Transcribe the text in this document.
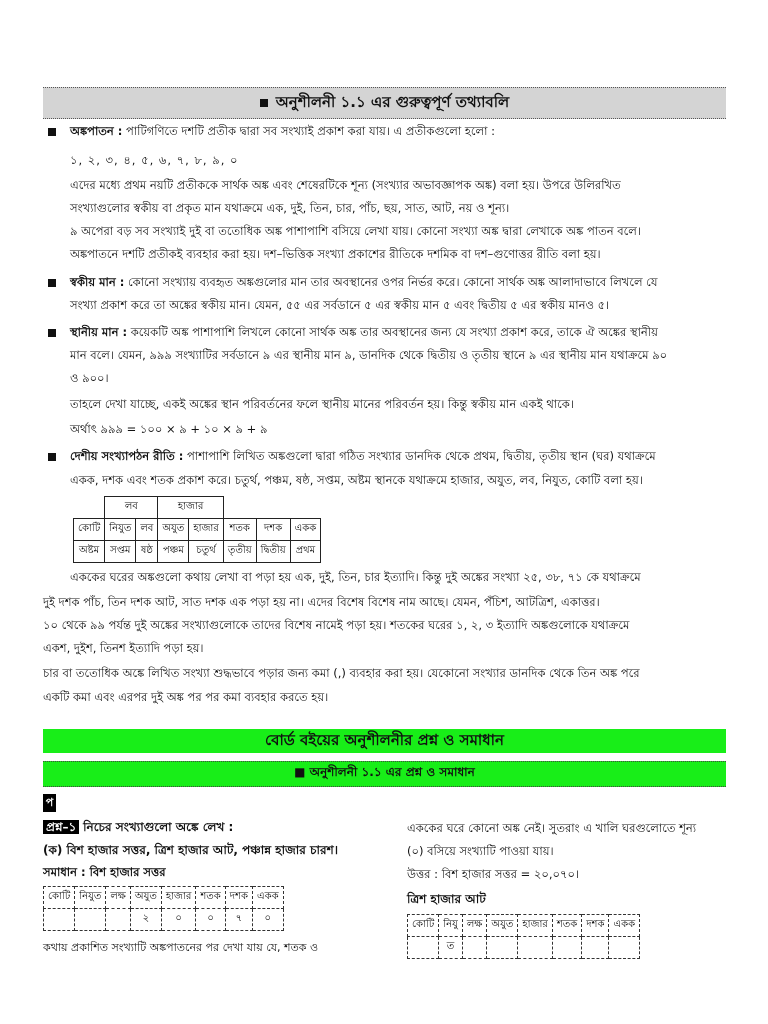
অনুশীলনী ১.১ এর গুরুত্বপূর্ণ তথ্যাবলি
অঙ্কপাতন : পাটিগণিতে দশটি প্রতীক দ্বারা সব সংখ্যাই প্রকাশ করা যায়। এ প্রতীকগুলো হলো :
১, ২, ৩, ৪, ৫, ৬, ৭, ৮, ৯, ০
এদের মধ্যে প্রথম নয়টি প্রতীককে সার্থক অঙ্ক এবং শেষেরটিকে শূন্য (সংখ্যার অভাবজ্ঞাপক অঙ্ক) বলা হয়। উপরে উলিরখিত
সংখ্যাগুলোর স্বকীয় বা প্রকৃত মান যথাক্রমে এক, দুই, তিন, চার, পাঁচ, ছয়, সাত, আট, নয় ও শূন্য।
৯ অপেরা বড় সব সংখ্যাই দুই বা ততোধিক অঙ্ক পাশাপাশি বসিয়ে লেখা যায়। কোনো সংখ্যা অঙ্ক দ্বারা লেখাকে অঙ্ক পাতন বলে।
অঙ্কপাতনে দশটি প্রতীকই ব্যবহার করা হয়। দশ–ভিত্তিক সংখ্যা প্রকাশের রীতিকে দশমিক বা দশ–গুণোত্তর রীতি বলা হয়।
স্বকীয় মান : কোনো সংখ্যায় ব্যবহৃত অঙ্কগুলোর মান তার অবস্থানের ওপর নির্ভর করে। কোনো সার্থক অঙ্ক আলাদাভাবে লিখলে যে
সংখ্যা প্রকাশ করে তা অঙ্কের স্বকীয় মান। যেমন, ৫৫ এর সর্বডানে ৫ এর স্বকীয় মান ৫ এবং দ্বিতীয় ৫ এর স্বকীয় মানও ৫।
স্থানীয় মান : কয়েকটি অঙ্ক পাশাপাশি লিখলে কোনো সার্থক অঙ্ক তার অবস্থানের জন্য যে সংখ্যা প্রকাশ করে, তাকে ঐ অঙ্কের স্থানীয়
মান বলে। যেমন, ৯৯৯ সংখ্যাটির সর্বডানে ৯ এর স্থানীয় মান ৯, ডানদিক থেকে দ্বিতীয় ও তৃতীয় স্থানে ৯ এর স্থানীয় মান যথাক্রমে ৯০
ও ৯০০।
তাহলে দেখা যাচ্ছে, একই অঙ্কের স্থান পরিবর্তনের ফলে স্থানীয় মানের পরিবর্তন হয়। কিন্তু স্বকীয় মান একই থাকে।
অর্থাৎ ৯৯৯ = ১০০ × ৯ + ১০ × ৯ + ৯
দেশীয় সংখ্যাপঠন রীতি : পাশাপাশি লিখিত অঙ্কগুলো দ্বারা গঠিত সংখ্যার ডানদিক থেকে প্রথম, দ্বিতীয়, তৃতীয় স্থান (ঘর) যথাক্রমে
একক, দশক এবং শতক প্রকাশ করে। চতুর্থ, পঞ্চম, ষষ্ঠ, সপ্তম, অষ্টম স্থানকে যথাক্রমে হাজার, অযুত, লব, নিযুত, কোটি বলা হয়।
	লব		হাজার				
কোটি	নিযুত	লব	অযুত	হাজার	শতক	দশক	একক
অষ্টম	সপ্তম	ষষ্ঠ	পঞ্চম	চতুর্থ	তৃতীয়	দ্বিতীয়	প্রথম
এককের ঘরের অঙ্কগুলো কথায় লেখা বা পড়া হয় এক, দুই, তিন, চার ইত্যাদি। কিন্তু দুই অঙ্কের সংখ্যা ২৫, ৩৮, ৭১ কে যথাক্রমে
দুই দশক পাঁচ, তিন দশক আট, সাত দশক এক পড়া হয় না। এদের বিশেষ বিশেষ নাম আছে। যেমন, পঁচিশ, আটত্রিশ, একাত্তর।
১০ থেকে ৯৯ পর্যন্ত দুই অঙ্কের সংখ্যাগুলোকে তাদের বিশেষ নামেই পড়া হয়। শতকের ঘরের ১, ২, ৩ ইত্যাদি অঙ্কগুলোকে যথাক্রমে
একশ, দুইশ, তিনশ ইত্যাদি পড়া হয়।
চার বা ততোধিক অঙ্কে লিখিত সংখ্যা শুদ্ধভাবে পড়ার জন্য কমা (,) ব্যবহার করা হয়। যেকোনো সংখ্যার ডানদিক থেকে তিন অঙ্ক পরে
একটি কমা এবং এরপর দুই অঙ্ক পর পর কমা ব্যবহার করতে হয়।
বোর্ড বইয়ের অনুশীলনীর প্রশ্ন ও সমাধান
■ অনুশীলনী ১.১ এর প্রশ্ন ও সমাধান
প
প্রশ্ন–১ নিচের সংখ্যাগুলো অঙ্কে লেখ :
(ক) বিশ হাজার সত্তর, ত্রিশ হাজার আট, পঞ্চান্ন হাজার চারশ।
সমাধান : বিশ হাজার সত্তর
কোটি	নিযুত	লক্ষ	অযুত	হাজার	শতক	দশক	একক
			২	০	০	৭	০
কথায় প্রকাশিত সংখ্যাটি অঙ্কপাতনের পর দেখা যায় যে, শতক ও
এককের ঘরে কোনো অঙ্ক নেই। সুতরাং এ খালি ঘরগুলোতে শূন্য
(০) বসিয়ে সংখ্যাটি পাওয়া যায়।
উত্তর : বিশ হাজার সত্তর = ২০,০৭০।
ত্রিশ হাজার আট
কোটি	নিযু	লক্ষ	অযুত	হাজার	শতক	দশক	একক
	ত						
